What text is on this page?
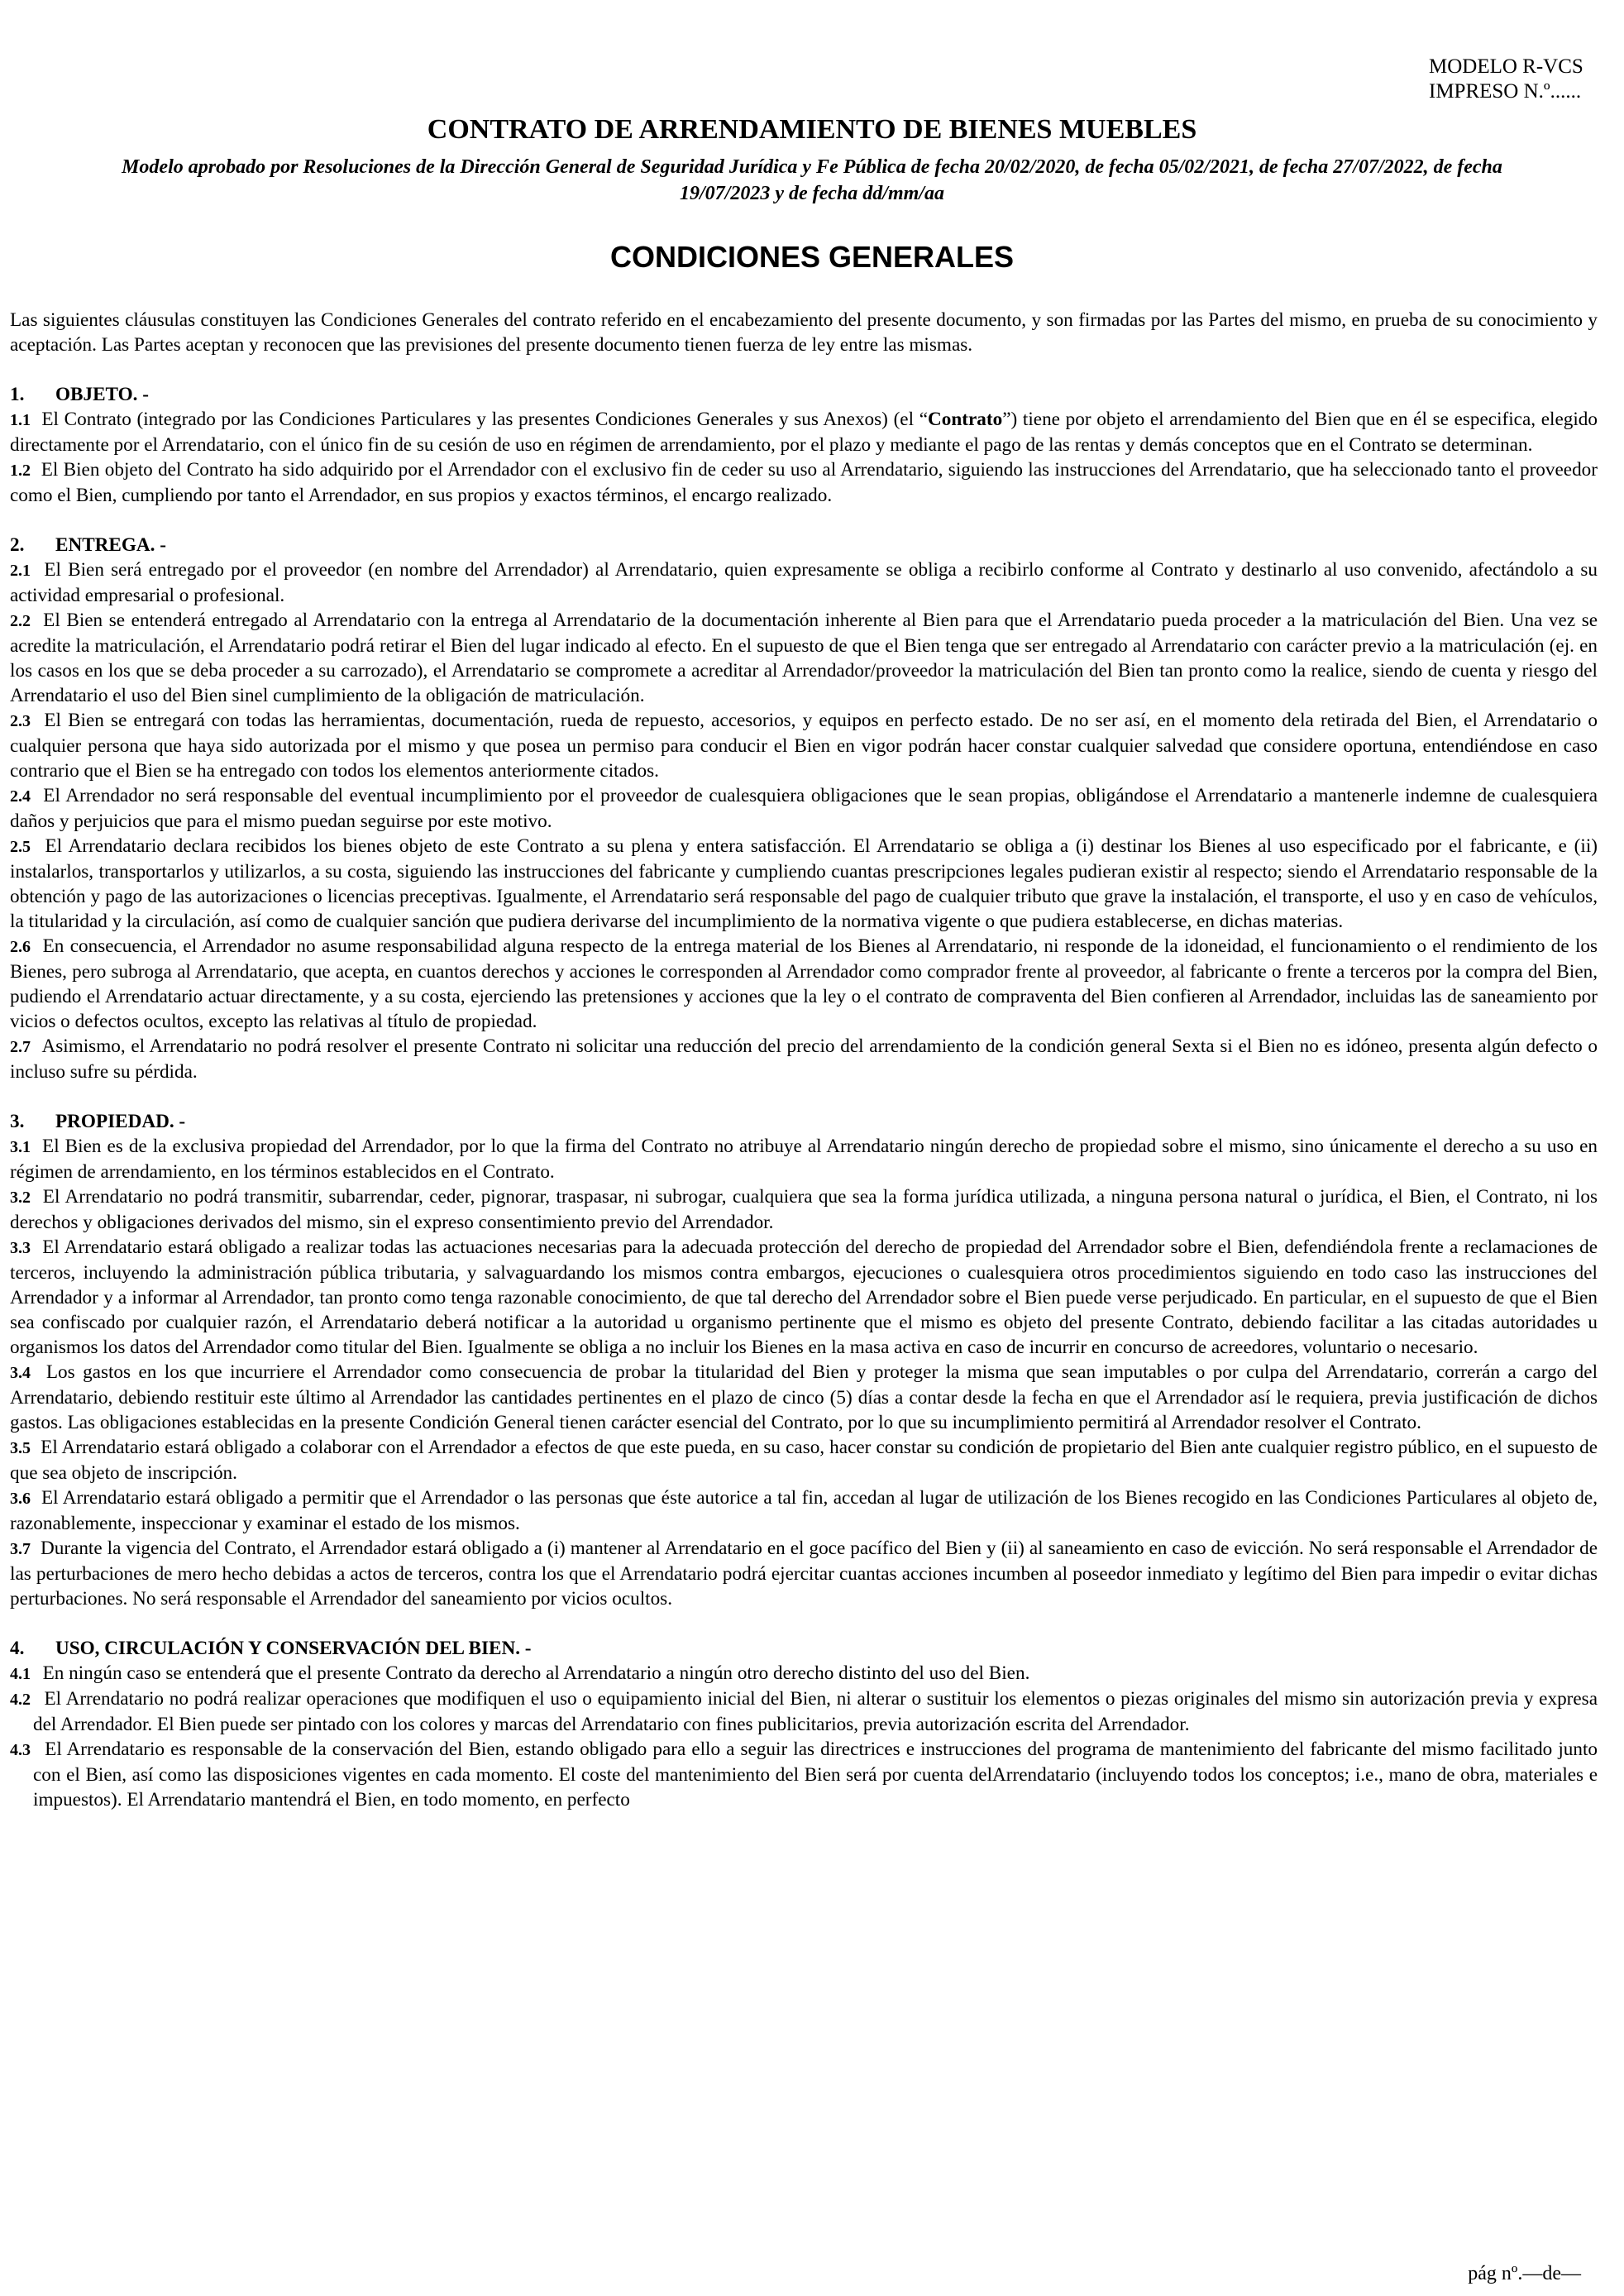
MODELO R-VCS
IMPRESO N.º......
CONTRATO DE ARRENDAMIENTO DE BIENES MUEBLES

Modelo aprobado por Resoluciones de la Dirección General de Seguridad Jurídica y Fe Pública de fecha 20/02/2020, de fecha 05/02/2021, de fecha 27/07/2022, de fecha 19/07/2023 y de fecha dd/mm/aa

CONDICIONES GENERALES

Las siguientes cláusulas constituyen las Condiciones Generales del contrato referido en el encabezamiento del presente documento, y son firmadas por las Partes del mismo, en prueba de su conocimiento y aceptación. Las Partes aceptan y reconocen que las previsiones del presente documento tienen fuerza de ley entre las mismas.

1. OBJETO. -

1.1 El Contrato (integrado por las Condiciones Particulares y las presentes Condiciones Generales y sus Anexos) (el “Contrato”) tiene por objeto el arrendamiento del Bien que en él se especifica, elegido directamente por el Arrendatario, con el único fin de su cesión de uso en régimen de arrendamiento, por el plazo y mediante el pago de las rentas y demás conceptos que en el Contrato se determinan.

1.2 El Bien objeto del Contrato ha sido adquirido por el Arrendador con el exclusivo fin de ceder su uso al Arrendatario, siguiendo las instrucciones del Arrendatario, que ha seleccionado tanto el proveedor como el Bien, cumpliendo por tanto el Arrendador, en sus propios y exactos términos, el encargo realizado.

2. ENTREGA. -

2.1 El Bien será entregado por el proveedor (en nombre del Arrendador) al Arrendatario, quien expresamente se obliga a recibirlo conforme al Contrato y destinarlo al uso convenido, afectándolo a su actividad empresarial o profesional.

2.2 El Bien se entenderá entregado al Arrendatario con la entrega al Arrendatario de la documentación inherente al Bien para que el Arrendatario pueda proceder a la matriculación del Bien. Una vez se acredite la matriculación, el Arrendatario podrá retirar el Bien del lugar indicado al efecto. En el supuesto de que el Bien tenga que ser entregado al Arrendatario con carácter previo a la matriculación (ej. en los casos en los que se deba proceder a su carrozado), el Arrendatario se compromete a acreditar al Arrendador/proveedor la matriculación del Bien tan pronto como la realice, siendo de cuenta y riesgo del Arrendatario el uso del Bien sinel cumplimiento de la obligación de matriculación.

2.3 El Bien se entregará con todas las herramientas, documentación, rueda de repuesto, accesorios, y equipos en perfecto estado. De no ser así, en el momento dela retirada del Bien, el Arrendatario o cualquier persona que haya sido autorizada por el mismo y que posea un permiso para conducir el Bien en vigor podrán hacer constar cualquier salvedad que considere oportuna, entendiéndose en caso contrario que el Bien se ha entregado con todos los elementos anteriormente citados.

2.4 El Arrendador no será responsable del eventual incumplimiento por el proveedor de cualesquiera obligaciones que le sean propias, obligándose el Arrendatario a mantenerle indemne de cualesquiera daños y perjuicios que para el mismo puedan seguirse por este motivo.

2.5 El Arrendatario declara recibidos los bienes objeto de este Contrato a su plena y entera satisfacción. El Arrendatario se obliga a (i) destinar los Bienes al uso especificado por el fabricante, e (ii) instalarlos, transportarlos y utilizarlos, a su costa, siguiendo las instrucciones del fabricante y cumpliendo cuantas prescripciones legales pudieran existir al respecto; siendo el Arrendatario responsable de la obtención y pago de las autorizaciones o licencias preceptivas. Igualmente, el Arrendatario será responsable del pago de cualquier tributo que grave la instalación, el transporte, el uso y en caso de vehículos, la titularidad y la circulación, así como de cualquier sanción que pudiera derivarse del incumplimiento de la normativa vigente o que pudiera establecerse, en dichas materias.

2.6 En consecuencia, el Arrendador no asume responsabilidad alguna respecto de la entrega material de los Bienes al Arrendatario, ni responde de la idoneidad, el funcionamiento o el rendimiento de los Bienes, pero subroga al Arrendatario, que acepta, en cuantos derechos y acciones le corresponden al Arrendador como comprador frente al proveedor, al fabricante o frente a terceros por la compra del Bien, pudiendo el Arrendatario actuar directamente, y a su costa, ejerciendo las pretensiones y acciones que la ley o el contrato de compraventa del Bien confieren al Arrendador, incluidas las de saneamiento por vicios o defectos ocultos, excepto las relativas al título de propiedad.

2.7 Asimismo, el Arrendatario no podrá resolver el presente Contrato ni solicitar una reducción del precio del arrendamiento de la condición general Sexta si el Bien no es idóneo, presenta algún defecto o incluso sufre su pérdida.

3. PROPIEDAD. -

3.1 El Bien es de la exclusiva propiedad del Arrendador, por lo que la firma del Contrato no atribuye al Arrendatario ningún derecho de propiedad sobre el mismo, sino únicamente el derecho a su uso en régimen de arrendamiento, en los términos establecidos en el Contrato.

3.2 El Arrendatario no podrá transmitir, subarrendar, ceder, pignorar, traspasar, ni subrogar, cualquiera que sea la forma jurídica utilizada, a ninguna persona natural o jurídica, el Bien, el Contrato, ni los derechos y obligaciones derivados del mismo, sin el expreso consentimiento previo del Arrendador.

3.3 El Arrendatario estará obligado a realizar todas las actuaciones necesarias para la adecuada protección del derecho de propiedad del Arrendador sobre el Bien, defendiéndola frente a reclamaciones de terceros, incluyendo la administración pública tributaria, y salvaguardando los mismos contra embargos, ejecuciones o cualesquiera otros procedimientos siguiendo en todo caso las instrucciones del Arrendador y a informar al Arrendador, tan pronto como tenga razonable conocimiento, de que tal derecho del Arrendador sobre el Bien puede verse perjudicado. En particular, en el supuesto de que el Bien sea confiscado por cualquier razón, el Arrendatario deberá notificar a la autoridad u organismo pertinente que el mismo es objeto del presente Contrato, debiendo facilitar a las citadas autoridades u organismos los datos del Arrendador como titular del Bien. Igualmente se obliga a no incluir los Bienes en la masa activa en caso de incurrir en concurso de acreedores, voluntario o necesario.

3.4 Los gastos en los que incurriere el Arrendador como consecuencia de probar la titularidad del Bien y proteger la misma que sean imputables o por culpa del Arrendatario, correrán a cargo del Arrendatario, debiendo restituir este último al Arrendador las cantidades pertinentes en el plazo de cinco (5) días a contar desde la fecha en que el Arrendador así le requiera, previa justificación de dichos gastos. Las obligaciones establecidas en la presente Condición General tienen carácter esencial del Contrato, por lo que su incumplimiento permitirá al Arrendador resolver el Contrato.

3.5 El Arrendatario estará obligado a colaborar con el Arrendador a efectos de que este pueda, en su caso, hacer constar su condición de propietario del Bien ante cualquier registro público, en el supuesto de que sea objeto de inscripción.

3.6 El Arrendatario estará obligado a permitir que el Arrendador o las personas que éste autorice a tal fin, accedan al lugar de utilización de los Bienes recogido en las Condiciones Particulares al objeto de, razonablemente, inspeccionar y examinar el estado de los mismos.

3.7 Durante la vigencia del Contrato, el Arrendador estará obligado a (i) mantener al Arrendatario en el goce pacífico del Bien y (ii) al saneamiento en caso de evicción. No será responsable el Arrendador de las perturbaciones de mero hecho debidas a actos de terceros, contra los que el Arrendatario podrá ejercitar cuantas acciones incumben al poseedor inmediato y legítimo del Bien para impedir o evitar dichas perturbaciones. No será responsable el Arrendador del saneamiento por vicios ocultos.

4. USO, CIRCULACIÓN Y CONSERVACIÓN DEL BIEN. -

4.1 En ningún caso se entenderá que el presente Contrato da derecho al Arrendatario a ningún otro derecho distinto del uso del Bien.

4.2 El Arrendatario no podrá realizar operaciones que modifiquen el uso o equipamiento inicial del Bien, ni alterar o sustituir los elementos o piezas originales del mismo sin autorización previa y expresa del Arrendador. El Bien puede ser pintado con los colores y marcas del Arrendatario con fines publicitarios, previa autorización escrita del Arrendador.

4.3 El Arrendatario es responsable de la conservación del Bien, estando obligado para ello a seguir las directrices e instrucciones del programa de mantenimiento del fabricante del mismo facilitado junto con el Bien, así como las disposiciones vigentes en cada momento. El coste del mantenimiento del Bien será por cuenta delArrendatario (incluyendo todos los conceptos; i.e., mano de obra, materiales e impuestos). El Arrendatario mantendrá el Bien, en todo momento, en perfecto

pág nº.—de—
